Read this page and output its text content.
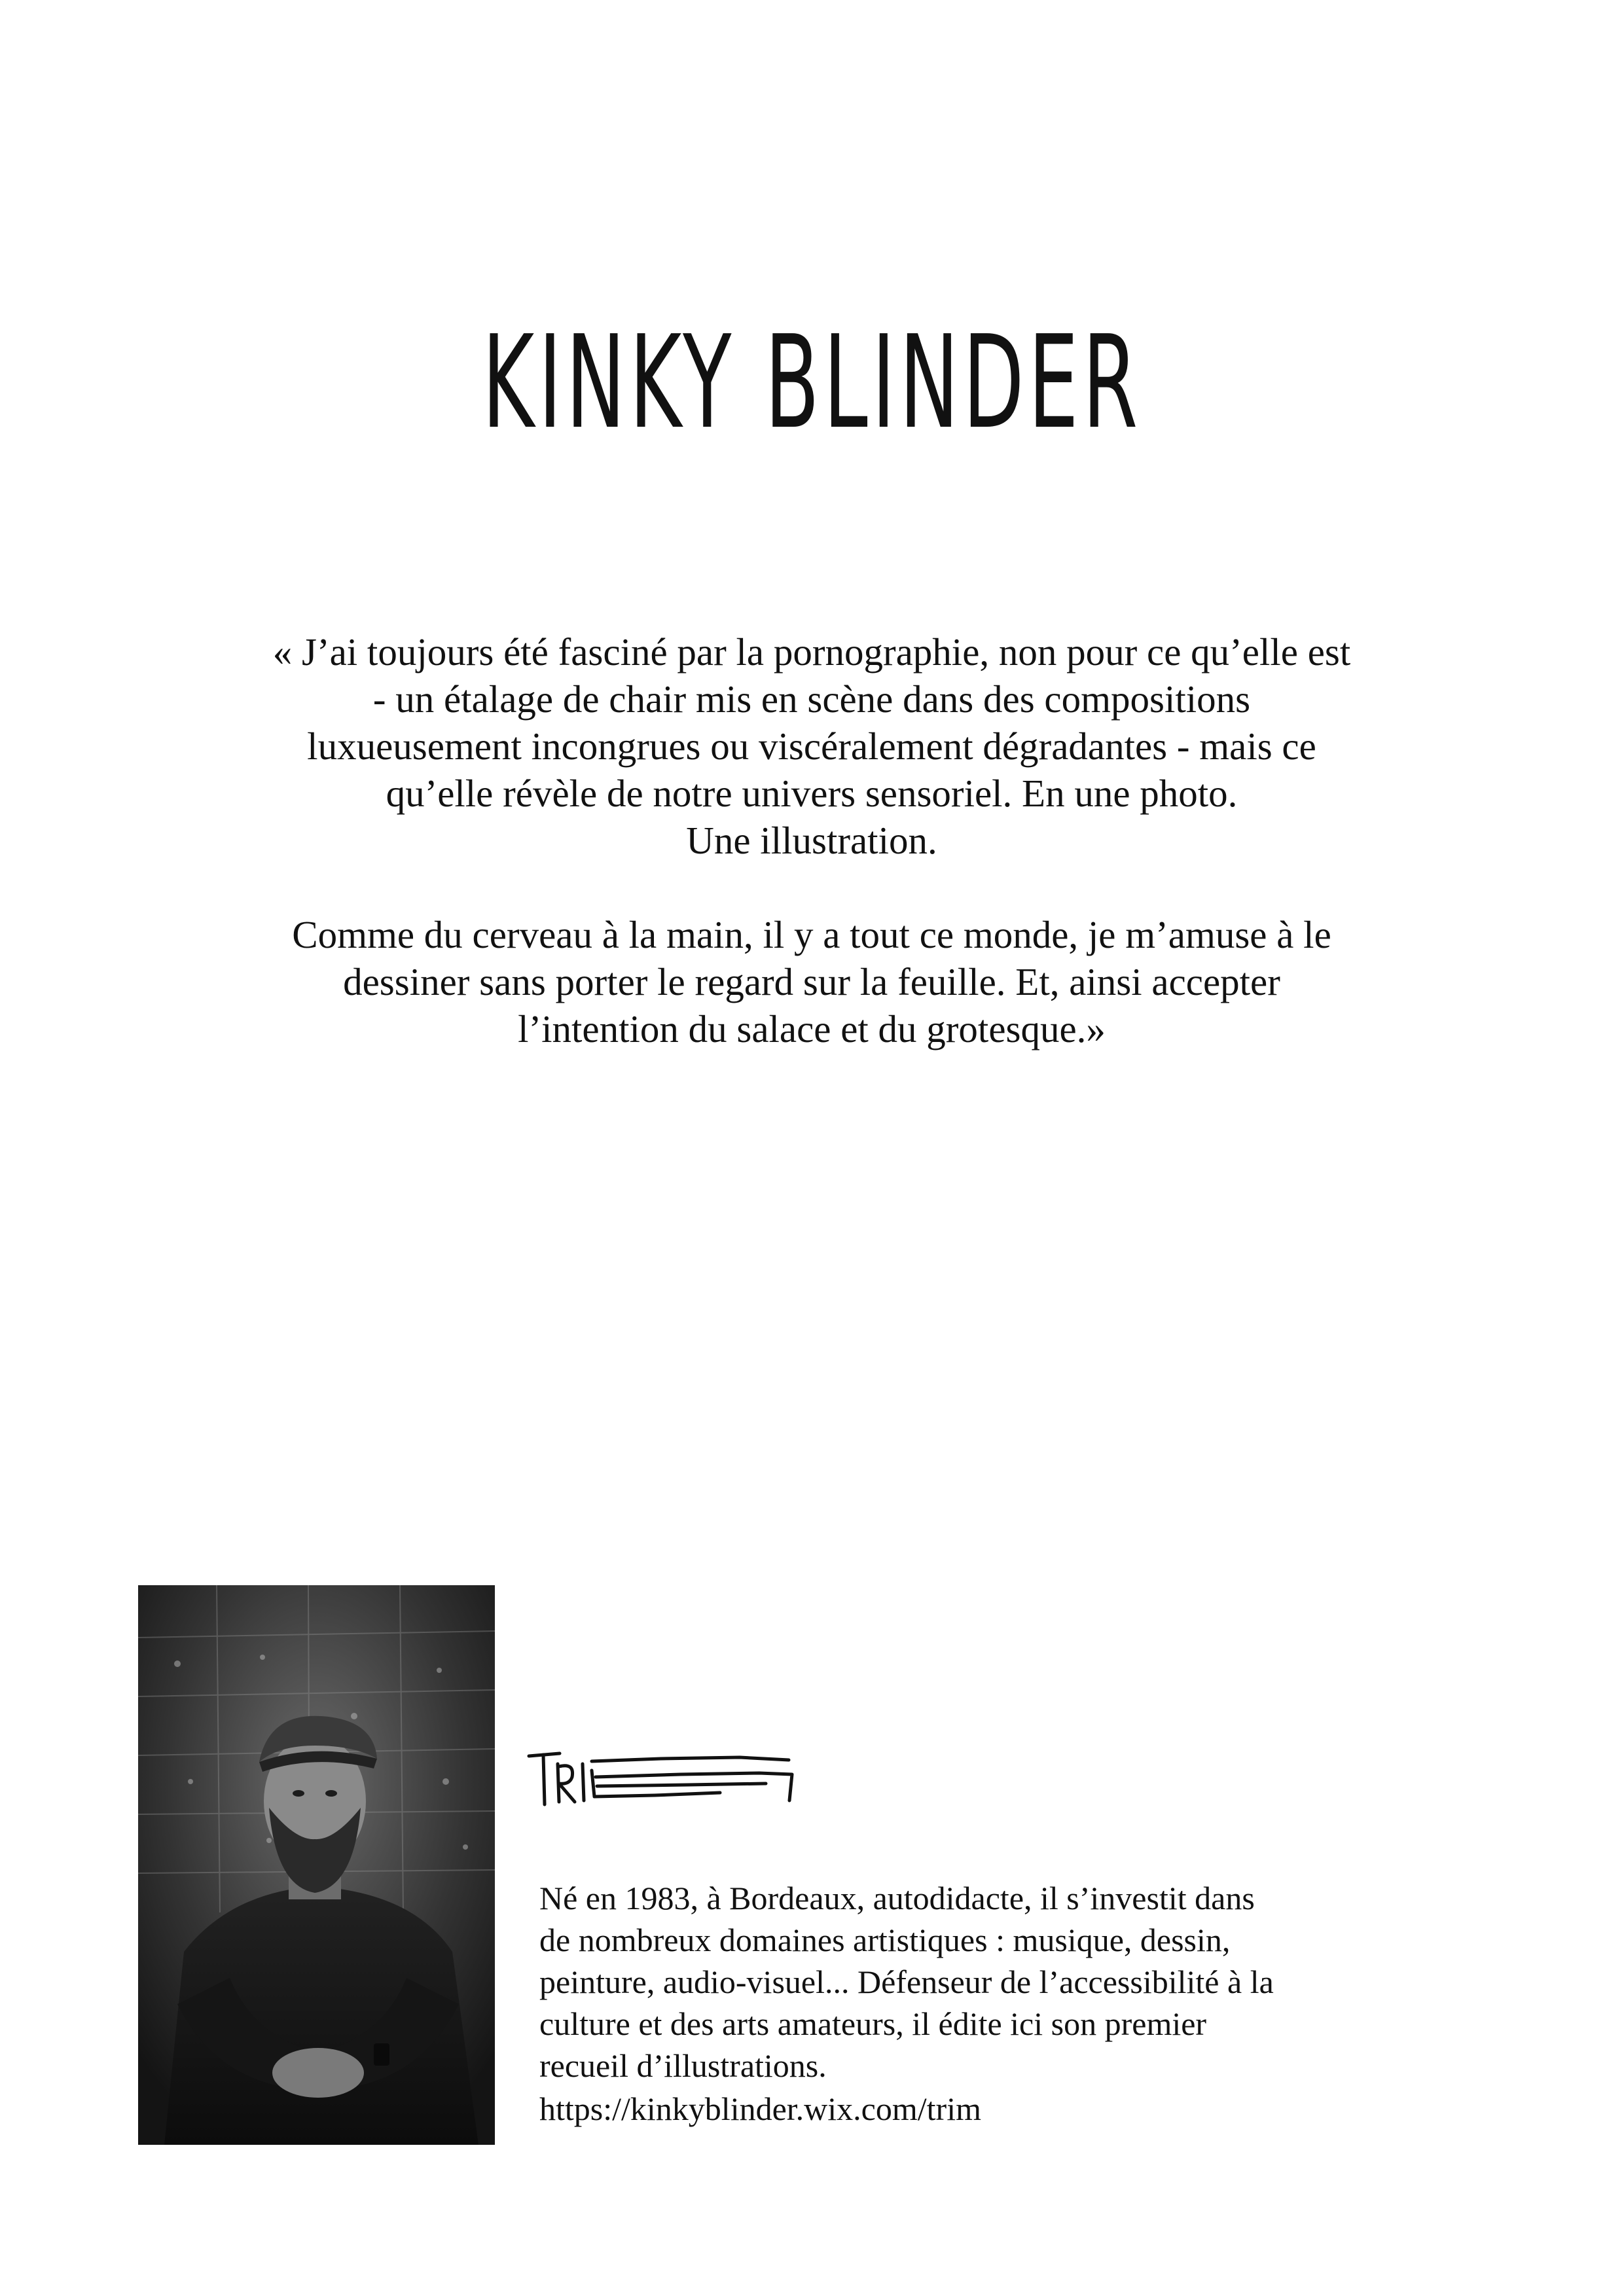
KINKY BLINDER

« J’ai toujours été fasciné par la pornographie, non pour ce qu’elle est
- un étalage de chair mis en scène dans des compositions
luxueusement incongrues ou viscéralement dégradantes - mais ce
qu’elle révèle de notre univers sensoriel. En une photo.
Une illustration.

Comme du cerveau à la main, il y a tout ce monde, je m’amuse à le
dessiner sans porter le regard sur la feuille. Et, ainsi accepter
l’intention du salace et du grotesque.»

Né en 1983, à Bordeaux, autodidacte, il s’investit dans
de nombreux domaines artistiques : musique, dessin,
peinture, audio-visuel... Défenseur de l’accessibilité à la
culture et des arts amateurs, il édite ici son premier
recueil d’illustrations.

https://kinkyblinder.wix.com/trim
